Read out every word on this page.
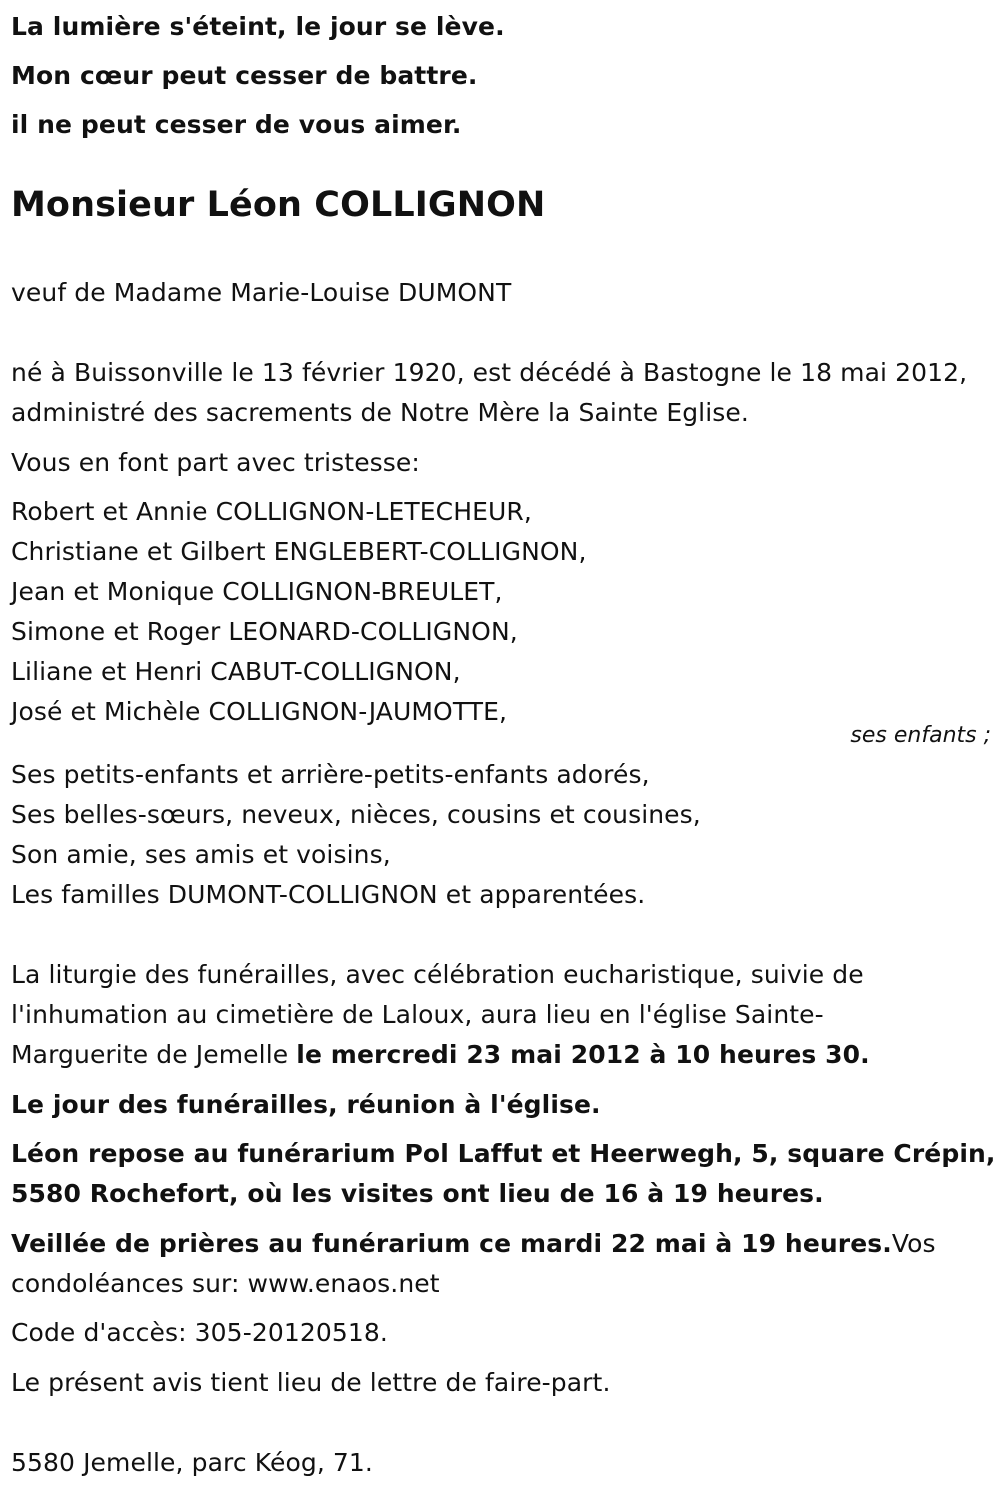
La lumière s'éteint, le jour se lève.
Mon cœur peut cesser de battre.
il ne peut cesser de vous aimer.
Monsieur Léon COLLIGNON
veuf de Madame Marie-Louise DUMONT
né à Buissonville le 13 février 1920, est décédé à Bastogne le 18 mai 2012,
administré des sacrements de Notre Mère la Sainte Eglise.
Vous en font part avec tristesse:
Robert et Annie COLLIGNON-LETECHEUR,
Christiane et Gilbert ENGLEBERT-COLLIGNON,
Jean et Monique COLLIGNON-BREULET,
Simone et Roger LEONARD-COLLIGNON,
Liliane et Henri CABUT-COLLIGNON,
José et Michèle COLLIGNON-JAUMOTTE,
ses enfants ;
Ses petits-enfants et arrière-petits-enfants adorés,
Ses belles-sœurs, neveux, nièces, cousins et cousines,
Son amie, ses amis et voisins,
Les familles DUMONT-COLLIGNON et apparentées.
La liturgie des funérailles, avec célébration eucharistique, suivie de
l'inhumation au cimetière de Laloux, aura lieu en l'église Sainte-
Marguerite de Jemelle le mercredi 23 mai 2012 à 10 heures 30.
Le jour des funérailles, réunion à l'église.
Léon repose au funérarium Pol Laffut et Heerwegh, 5, square Crépin,
5580 Rochefort, où les visites ont lieu de 16 à 19 heures.
Veillée de prières au funérarium ce mardi 22 mai à 19 heures.Vos
condoléances sur: www.enaos.net
Code d'accès: 305-20120518.
Le présent avis tient lieu de lettre de faire-part.
5580 Jemelle, parc Kéog, 71.
